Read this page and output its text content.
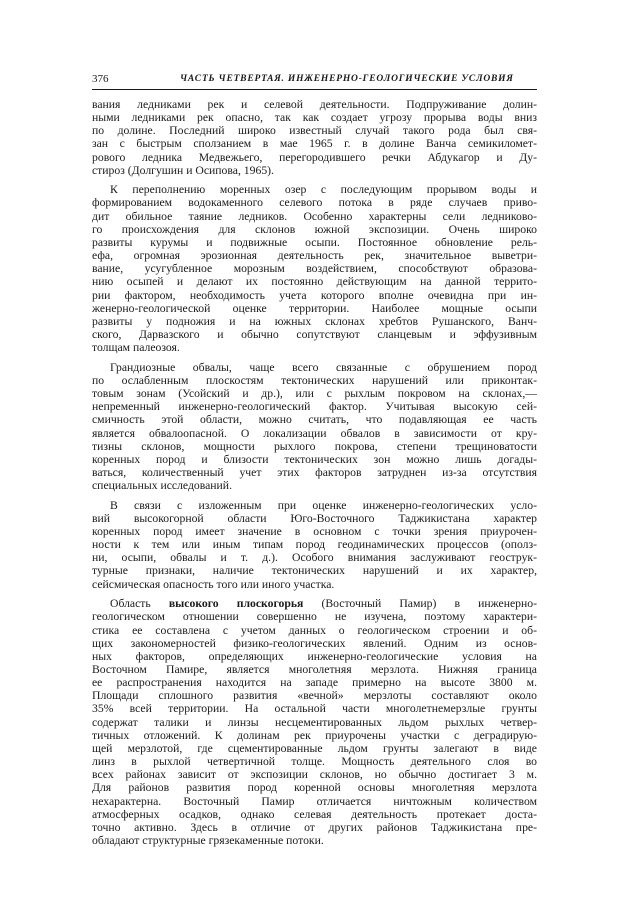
376	ЧАСТЬ ЧЕТВЕРТАЯ. ИНЖЕНЕРНО-ГЕОЛОГИЧЕСКИЕ УСЛОВИЯ
вания ледниками рек и селевой деятельности. Подпруживание долин-
ными ледниками рек опасно, так как создает угрозу прорыва воды вниз
по долине. Последний широко известный случай такого рода был свя-
зан с быстрым сползанием в мае 1965 г. в долине Ванча семикиломет-
рового ледника Медвежьего, перегородившего речки Абдукагор и Ду-
стироз (Долгушин и Осипова, 1965).
К переполнению моренных озер с последующим прорывом воды и
формированием водокаменного селевого потока в ряде случаев приво-
дит обильное таяние ледников. Особенно характерны сели ледниково-
го происхождения для склонов южной экспозиции. Очень широко
развиты курумы и подвижные осыпи. Постоянное обновление рель-
ефа, огромная эрозионная деятельность рек, значительное выветри-
вание, усугубленное морозным воздействием, способствуют образова-
нию осыпей и делают их постоянно действующим на данной террито-
рии фактором, необходимость учета которого вполне очевидна при ин-
женерно-геологической оценке территории. Наиболее мощные осыпи
развиты у подножия и на южных склонах хребтов Рушанского, Ванч-
ского, Дарвазского и обычно сопутствуют сланцевым и эффузивным
толщам палеозоя.
Грандиозные обвалы, чаще всего связанные с обрушением пород
по ослабленным плоскостям тектонических нарушений или приконтак-
товым зонам (Усойский и др.), или с рыхлым покровом на склонах,—
непременный инженерно-геологический фактор. Учитывая высокую сей-
смичность этой области, можно считать, что подавляющая ее часть
является обвалоопасной. О локализации обвалов в зависимости от кру-
тизны склонов, мощности рыхлого покрова, степени трещиноватости
коренных пород и близости тектонических зон можно лишь догады-
ваться, количественный учет этих факторов затруднен из-за отсутствия
специальных исследований.
В связи с изложенным при оценке инженерно-геологических усло-
вий высокогорной области Юго-Восточного Таджикистана характер
коренных пород имеет значение в основном с точки зрения приурочен-
ности к тем или иным типам пород геодинамических процессов (ополз-
ни, осыпи, обвалы и т. д.). Особого внимания заслуживают геострук-
турные признаки, наличие тектонических нарушений и их характер,
сейсмическая опасность того или иного участка.
Область высокого плоскогорья (Восточный Памир) в инженерно-
геологическом отношении совершенно не изучена, поэтому характери-
стика ее составлена с учетом данных о геологическом строении и об-
щих закономерностей физико-геологических явлений. Одним из основ-
ных факторов, определяющих инженерно-геологические условия на
Восточном Памире, является многолетняя мерзлота. Нижняя граница
ее распространения находится на западе примерно на высоте 3800 м.
Площади сплошного развития «вечной» мерзлоты составляют около
35% всей территории. На остальной части многолетнемерзлые грунты
содержат талики и линзы несцементированных льдом рыхлых четвер-
тичных отложений. К долинам рек приурочены участки с деградирую-
щей мерзлотой, где сцементированные льдом грунты залегают в виде
линз в рыхлой четвертичной толще. Мощность деятельного слоя во
всех районах зависит от экспозиции склонов, но обычно достигает 3 м.
Для районов развития пород коренной основы многолетняя мерзлота
нехарактерна. Восточный Памир отличается ничтожным количеством
атмосферных осадков, однако селевая деятельность протекает доста-
точно активно. Здесь в отличие от других районов Таджикистана пре-
обладают структурные грязекаменные потоки.
